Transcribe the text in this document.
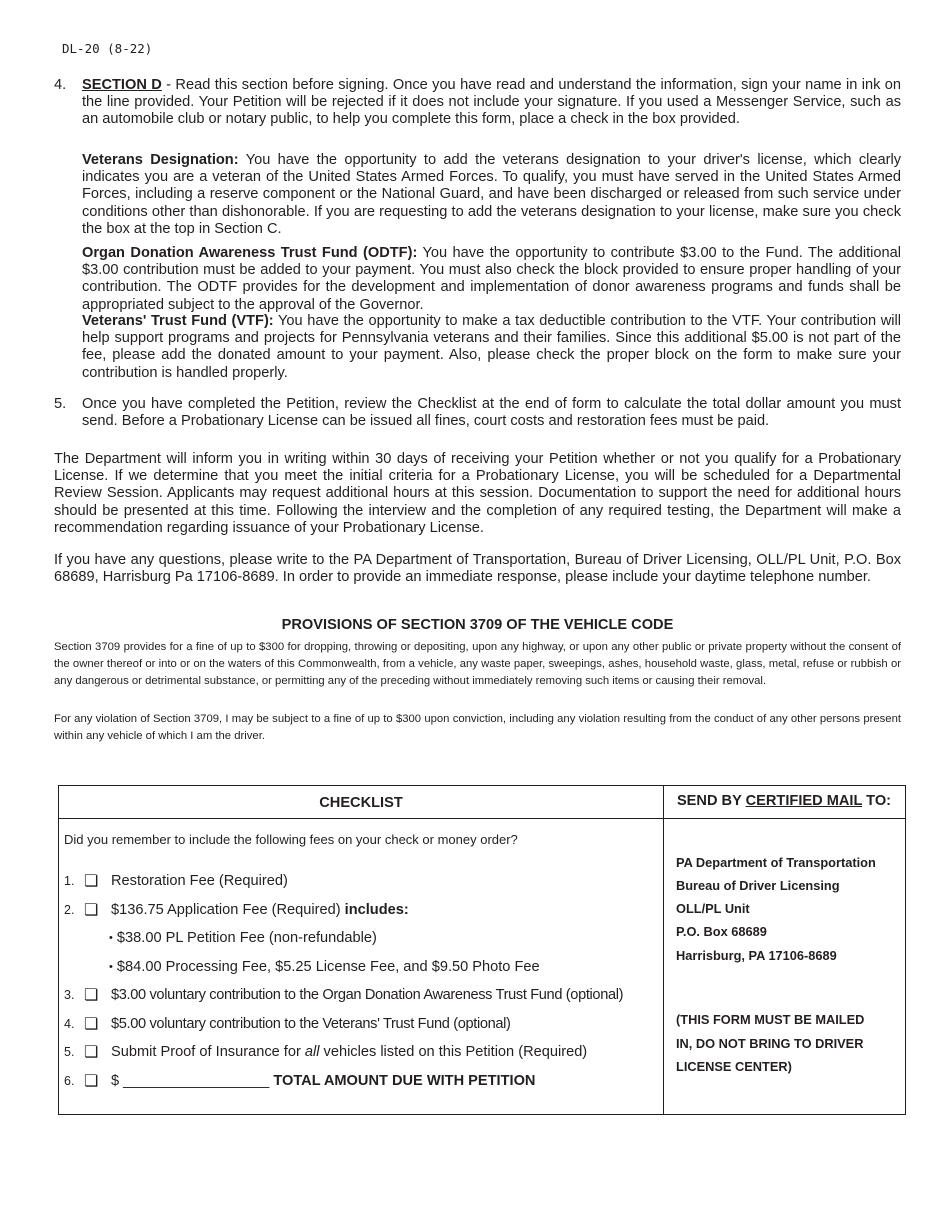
DL-20 (8-22)
4. SECTION D - Read this section before signing. Once you have read and understand the information, sign your name in ink on the line provided. Your Petition will be rejected if it does not include your signature. If you used a Messenger Service, such as an automobile club or notary public, to help you complete this form, place a check in the box provided.
Veterans Designation: You have the opportunity to add the veterans designation to your driver's license, which clearly indicates you are a veteran of the United States Armed Forces. To qualify, you must have served in the United States Armed Forces, including a reserve component or the National Guard, and have been discharged or released from such service under conditions other than dishonorable. If you are requesting to add the veterans designation to your license, make sure you check the box at the top in Section C.
Organ Donation Awareness Trust Fund (ODTF): You have the opportunity to contribute $3.00 to the Fund. The additional $3.00 contribution must be added to your payment. You must also check the block provided to ensure proper handling of your contribution. The ODTF provides for the development and implementation of donor awareness programs and funds shall be appropriated subject to the approval of the Governor.
Veterans' Trust Fund (VTF): You have the opportunity to make a tax deductible contribution to the VTF. Your contribution will help support programs and projects for Pennsylvania veterans and their families. Since this additional $5.00 is not part of the fee, please add the donated amount to your payment. Also, please check the proper block on the form to make sure your contribution is handled properly.
5. Once you have completed the Petition, review the Checklist at the end of form to calculate the total dollar amount you must send. Before a Probationary License can be issued all fines, court costs and restoration fees must be paid.
The Department will inform you in writing within 30 days of receiving your Petition whether or not you qualify for a Probationary License. If we determine that you meet the initial criteria for a Probationary License, you will be scheduled for a Departmental Review Session. Applicants may request additional hours at this session. Documentation to support the need for additional hours should be presented at this time. Following the interview and the completion of any required testing, the Department will make a recommendation regarding issuance of your Probationary License.
If you have any questions, please write to the PA Department of Transportation, Bureau of Driver Licensing, OLL/PL Unit, P.O. Box 68689, Harrisburg Pa 17106-8689. In order to provide an immediate response, please include your daytime telephone number.
PROVISIONS OF SECTION 3709 OF THE VEHICLE CODE
Section 3709 provides for a fine of up to $300 for dropping, throwing or depositing, upon any highway, or upon any other public or private property without the consent of the owner thereof or into or on the waters of this Commonwealth, from a vehicle, any waste paper, sweepings, ashes, household waste, glass, metal, refuse or rubbish or any dangerous or detrimental substance, or permitting any of the preceding without immediately removing such items or causing their removal.
For any violation of Section 3709, I may be subject to a fine of up to $300 upon conviction, including any violation resulting from the conduct of any other persons present within any vehicle of which I am the driver.
CHECKLIST	SEND BY CERTIFIED MAIL TO:
Did you remember to include the following fees on your check or money order?
1. ❏ Restoration Fee (Required)
2. ❏ $136.75 Application Fee (Required) includes:
• $38.00 PL Petition Fee (non-refundable)
• $84.00 Processing Fee, $5.25 License Fee, and $9.50 Photo Fee
3. ❏ $3.00 voluntary contribution to the Organ Donation Awareness Trust Fund (optional)
4. ❏ $5.00 voluntary contribution to the Veterans' Trust Fund (optional)
5. ❏ Submit Proof of Insurance for all vehicles listed on this Petition (Required)
6. ❏ $ __________________ TOTAL AMOUNT DUE WITH PETITION
PA Department of Transportation
Bureau of Driver Licensing
OLL/PL Unit
P.O. Box 68689
Harrisburg, PA 17106-8689
(THIS FORM MUST BE MAILED
IN, DO NOT BRING TO DRIVER
LICENSE CENTER)
